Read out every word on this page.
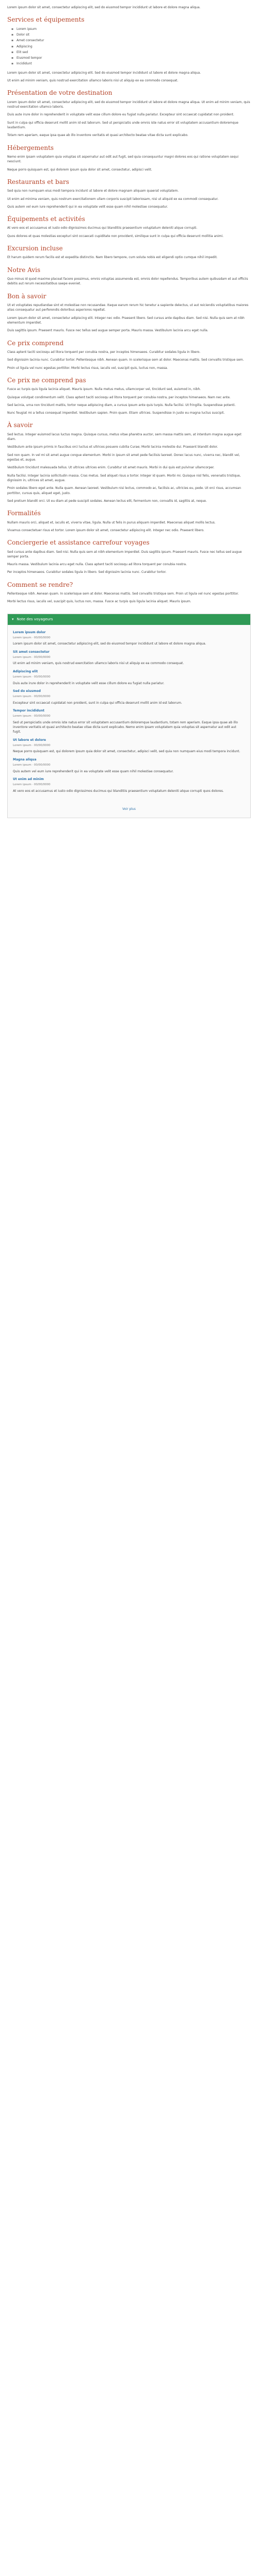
Lorem ipsum dolor sit amet, consectetur adipiscing elit, sed do eiusmod tempor incididunt ut labore et dolore magna aliqua.

Services et équipements
▪ Lorem ipsum
▪ Dolor sit
▪ Amet consectetur
▪ Adipiscing
▪ Elit sed
▪ Eiusmod tempor
▪ Incididunt

Lorem ipsum dolor sit amet, consectetur adipiscing elit. Sed do eiusmod tempor incididunt ut labore et dolore magna aliqua.

Ut enim ad minim veniam, quis nostrud exercitation ullamco laboris nisi ut aliquip ex ea commodo consequat.

Présentation de votre destination

Lorem ipsum dolor sit amet, consectetur adipiscing elit, sed do eiusmod tempor incididunt ut labore et dolore magna aliqua. Ut enim ad minim veniam, quis nostrud exercitation ullamco laboris.

Duis aute irure dolor in reprehenderit in voluptate velit esse cillum dolore eu fugiat nulla pariatur. Excepteur sint occaecat cupidatat non proident.

Sunt in culpa qui officia deserunt mollit anim id est laborum. Sed ut perspiciatis unde omnis iste natus error sit voluptatem accusantium doloremque laudantium.

Totam rem aperiam, eaque ipsa quae ab illo inventore veritatis et quasi architecto beatae vitae dicta sunt explicabo.

Hébergements

Nemo enim ipsam voluptatem quia voluptas sit aspernatur aut odit aut fugit, sed quia consequuntur magni dolores eos qui ratione voluptatem sequi nesciunt.

Neque porro quisquam est, qui dolorem ipsum quia dolor sit amet, consectetur, adipisci velit.

Restaurants et bars

Sed quia non numquam eius modi tempora incidunt ut labore et dolore magnam aliquam quaerat voluptatem.

Ut enim ad minima veniam, quis nostrum exercitationem ullam corporis suscipit laboriosam, nisi ut aliquid ex ea commodi consequatur.

Quis autem vel eum iure reprehenderit qui in ea voluptate velit esse quam nihil molestiae consequatur.

Équipements et activités

At vero eos et accusamus et iusto odio dignissimos ducimus qui blanditiis praesentium voluptatum deleniti atque corrupti.

Quos dolores et quas molestias excepturi sint occaecati cupiditate non provident, similique sunt in culpa qui officia deserunt mollitia animi.

Excursion incluse

Et harum quidem rerum facilis est et expedita distinctio. Nam libero tempore, cum soluta nobis est eligendi optio cumque nihil impedit.

Notre Avis

Quo minus id quod maxime placeat facere possimus, omnis voluptas assumenda est, omnis dolor repellendus. Temporibus autem quibusdam et aut officiis debitis aut rerum necessitatibus saepe eveniet.

Bon à savoir

Ut et voluptates repudiandae sint et molestiae non recusandae. Itaque earum rerum hic tenetur a sapiente delectus, ut aut reiciendis voluptatibus maiores alias consequatur aut perferendis doloribus asperiores repellat.

Lorem ipsum dolor sit amet, consectetur adipiscing elit. Integer nec odio. Praesent libero. Sed cursus ante dapibus diam. Sed nisi. Nulla quis sem at nibh elementum imperdiet.

Duis sagittis ipsum. Praesent mauris. Fusce nec tellus sed augue semper porta. Mauris massa. Vestibulum lacinia arcu eget nulla.

Ce prix comprend

Class aptent taciti sociosqu ad litora torquent per conubia nostra, per inceptos himenaeos. Curabitur sodales ligula in libero.

Sed dignissim lacinia nunc. Curabitur tortor. Pellentesque nibh. Aenean quam. In scelerisque sem at dolor. Maecenas mattis. Sed convallis tristique sem.

Proin ut ligula vel nunc egestas porttitor. Morbi lectus risus, iaculis vel, suscipit quis, luctus non, massa.

Ce prix ne comprend pas

Fusce ac turpis quis ligula lacinia aliquet. Mauris ipsum. Nulla metus metus, ullamcorper vel, tincidunt sed, euismod in, nibh.

Quisque volutpat condimentum velit. Class aptent taciti sociosqu ad litora torquent per conubia nostra, per inceptos himenaeos. Nam nec ante.

Sed lacinia, urna non tincidunt mattis, tortor neque adipiscing diam, a cursus ipsum ante quis turpis. Nulla facilisi. Ut fringilla. Suspendisse potenti.

Nunc feugiat mi a tellus consequat imperdiet. Vestibulum sapien. Proin quam. Etiam ultrices. Suspendisse in justo eu magna luctus suscipit.

À savoir

Sed lectus. Integer euismod lacus luctus magna. Quisque cursus, metus vitae pharetra auctor, sem massa mattis sem, at interdum magna augue eget diam.

Vestibulum ante ipsum primis in faucibus orci luctus et ultrices posuere cubilia Curae; Morbi lacinia molestie dui. Praesent blandit dolor.

Sed non quam. In vel mi sit amet augue congue elementum. Morbi in ipsum sit amet pede facilisis laoreet. Donec lacus nunc, viverra nec, blandit vel, egestas et, augue.

Vestibulum tincidunt malesuada tellus. Ut ultrices ultrices enim. Curabitur sit amet mauris. Morbi in dui quis est pulvinar ullamcorper.

Nulla facilisi. Integer lacinia sollicitudin massa. Cras metus. Sed aliquet risus a tortor. Integer id quam. Morbi mi. Quisque nisl felis, venenatis tristique, dignissim in, ultrices sit amet, augue.

Proin sodales libero eget ante. Nulla quam. Aenean laoreet. Vestibulum nisi lectus, commodo ac, facilisis ac, ultricies eu, pede. Ut orci risus, accumsan porttitor, cursus quis, aliquet eget, justo.

Sed pretium blandit orci. Ut eu diam at pede suscipit sodales. Aenean lectus elit, fermentum non, convallis id, sagittis at, neque.

Formalités

Nullam mauris orci, aliquet et, iaculis et, viverra vitae, ligula. Nulla ut felis in purus aliquam imperdiet. Maecenas aliquet mollis lectus.

Vivamus consectetuer risus et tortor. Lorem ipsum dolor sit amet, consectetur adipiscing elit. Integer nec odio. Praesent libero.

Conciergerie et assistance carrefour voyages

Sed cursus ante dapibus diam. Sed nisi. Nulla quis sem at nibh elementum imperdiet. Duis sagittis ipsum. Praesent mauris. Fusce nec tellus sed augue semper porta.

Mauris massa. Vestibulum lacinia arcu eget nulla. Class aptent taciti sociosqu ad litora torquent per conubia nostra.

Per inceptos himenaeos. Curabitur sodales ligula in libero. Sed dignissim lacinia nunc. Curabitur tortor.

Comment se rendre?

Pellentesque nibh. Aenean quam. In scelerisque sem at dolor. Maecenas mattis. Sed convallis tristique sem. Proin ut ligula vel nunc egestas porttitor.

Morbi lectus risus, iaculis vel, suscipit quis, luctus non, massa. Fusce ac turpis quis ligula lacinia aliquet. Mauris ipsum.

▾ Note des voyageurs
Lorem ipsum dolor
Lorem ipsum · 00/00/0000
Lorem ipsum dolor sit amet, consectetur adipiscing elit, sed do eiusmod tempor incididunt ut labore et dolore magna aliqua.
Sit amet consectetur
Lorem ipsum · 00/00/0000
Ut enim ad minim veniam, quis nostrud exercitation ullamco laboris nisi ut aliquip ex ea commodo consequat.
Adipiscing elit
Lorem ipsum · 00/00/0000
Duis aute irure dolor in reprehenderit in voluptate velit esse cillum dolore eu fugiat nulla pariatur.
Sed do eiusmod
Lorem ipsum · 00/00/0000
Excepteur sint occaecat cupidatat non proident, sunt in culpa qui officia deserunt mollit anim id est laborum.
Tempor incididunt
Lorem ipsum · 00/00/0000
Sed ut perspiciatis unde omnis iste natus error sit voluptatem accusantium doloremque laudantium, totam rem aperiam. Eaque ipsa quae ab illo inventore veritatis et quasi architecto beatae vitae dicta sunt explicabo. Nemo enim ipsam voluptatem quia voluptas sit aspernatur aut odit aut fugit.
Ut labore et dolore
Lorem ipsum · 00/00/0000
Neque porro quisquam est, qui dolorem ipsum quia dolor sit amet, consectetur, adipisci velit, sed quia non numquam eius modi tempora incidunt.
Magna aliqua
Lorem ipsum · 00/00/0000
Quis autem vel eum iure reprehenderit qui in ea voluptate velit esse quam nihil molestiae consequatur.
Ut enim ad minim
Lorem ipsum · 00/00/0000
At vero eos et accusamus et iusto odio dignissimos ducimus qui blanditiis praesentium voluptatum deleniti atque corrupti quos dolores.
Voir plus
